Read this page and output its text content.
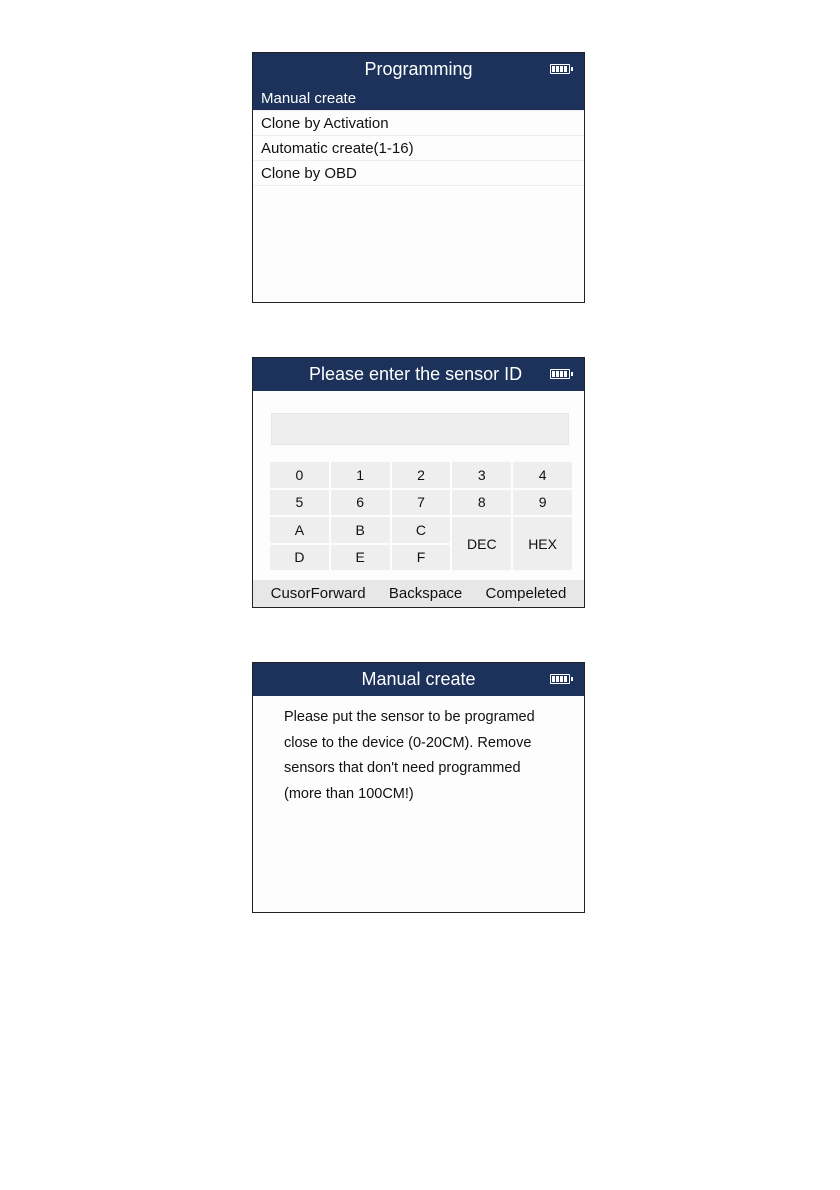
Programming
Manual create
Clone by Activation
Automatic create(1-16)
Clone by OBD
Please enter the sensor ID
0	1	2	3	4
5	6	7	8	9
A	B	C
DEC	HEX
D	E	F
CusorForward Backspace Compeleted
Manual create
Please put the sensor to be programed
close to the device (0-20CM). Remove
sensors that don't need programmed
(more than 100CM!)
